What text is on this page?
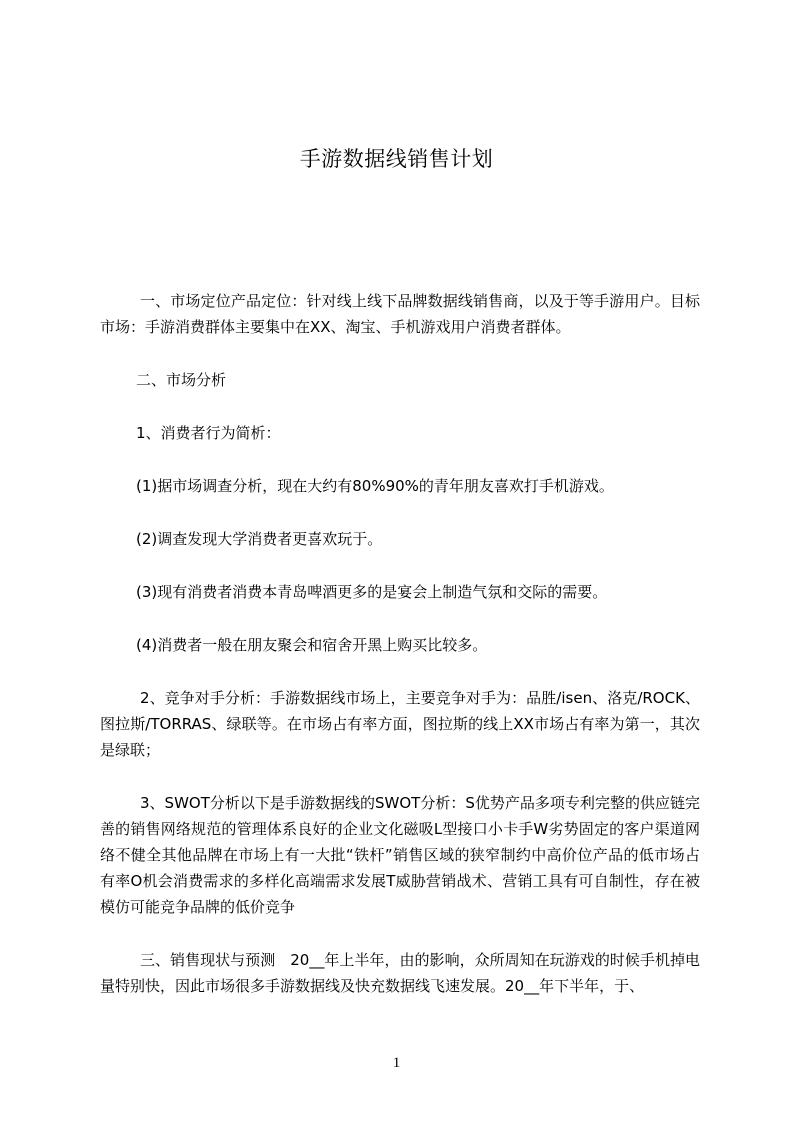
手游数据线销售计划

一、市场定位产品定位：针对线上线下品牌数据线销售商，以及于等手游用户。目标市场：手游消费群体主要集中在XX、淘宝、手机游戏用户消费者群体。

二、市场分析

1、消费者行为简析：

(1)据市场调查分析，现在大约有80%90%的青年朋友喜欢打手机游戏。

(2)调查发现大学消费者更喜欢玩于。

(3)现有消费者消费本青岛啤酒更多的是宴会上制造气氛和交际的需要。

(4)消费者一般在朋友聚会和宿舍开黑上购买比较多。

2、竞争对手分析：手游数据线市场上，主要竞争对手为：品胜/isen、洛克/ROCK、图拉斯/TORRAS、绿联等。在市场占有率方面，图拉斯的线上XX市场占有率为第一，其次是绿联；

3、SWOT分析以下是手游数据线的SWOT分析：S优势产品多项专利完整的供应链完善的销售网络规范的管理体系良好的企业文化磁吸L型接口小卡手W劣势固定的客户渠道网络不健全其他品牌在市场上有一大批“铁杆”销售区域的狭窄制约中高价位产品的低市场占有率O机会消费需求的多样化高端需求发展T威胁营销战术、营销工具有可自制性，存在被模仿可能竞争品牌的低价竞争

三、销售现状与预测　20__年上半年，由的影响，众所周知在玩游戏的时候手机掉电量特别快，因此市场很多手游数据线及快充数据线飞速发展。20__年下半年，于、

1
